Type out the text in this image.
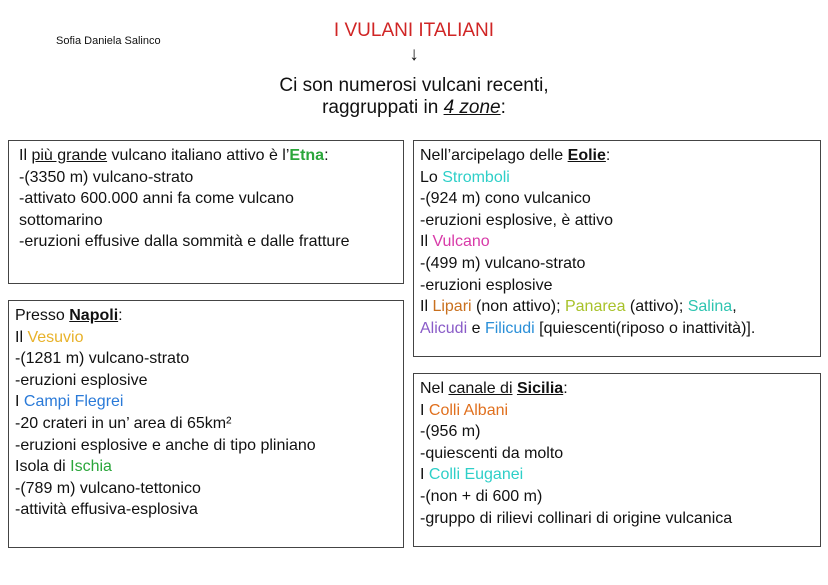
Sofia Daniela Salinco	I VULANI ITALIANI
↓
Ci son numerosi vulcani recenti,
raggruppati in 4 zone:

Il più grande vulcano italiano attivo è l’Etna:

-(3350 m) vulcano-strato

-attivato 600.000 anni fa come vulcano

sottomarino

-eruzioni effusive dalla sommità e dalle fratture

Presso Napoli:

Il Vesuvio

-(1281 m) vulcano-strato

-eruzioni esplosive

I Campi Flegrei

-20 crateri in un’ area di 65km²

-eruzioni esplosive e anche di tipo pliniano

Isola di Ischia

-(789 m) vulcano-tettonico

-attività effusiva-esplosiva

Nell’arcipelago delle Eolie:

Lo Stromboli

-(924 m) cono vulcanico

-eruzioni esplosive, è attivo

Il Vulcano

-(499 m) vulcano-strato

-eruzioni esplosive

Il Lipari (non attivo); Panarea (attivo); Salina,

Alicudi e Filicudi [quiescenti(riposo o inattività)].

Nel canale di Sicilia:

I Colli Albani

-(956 m)

-quiescenti da molto

I Colli Euganei

-(non + di 600 m)

-gruppo di rilievi collinari di origine vulcanica
